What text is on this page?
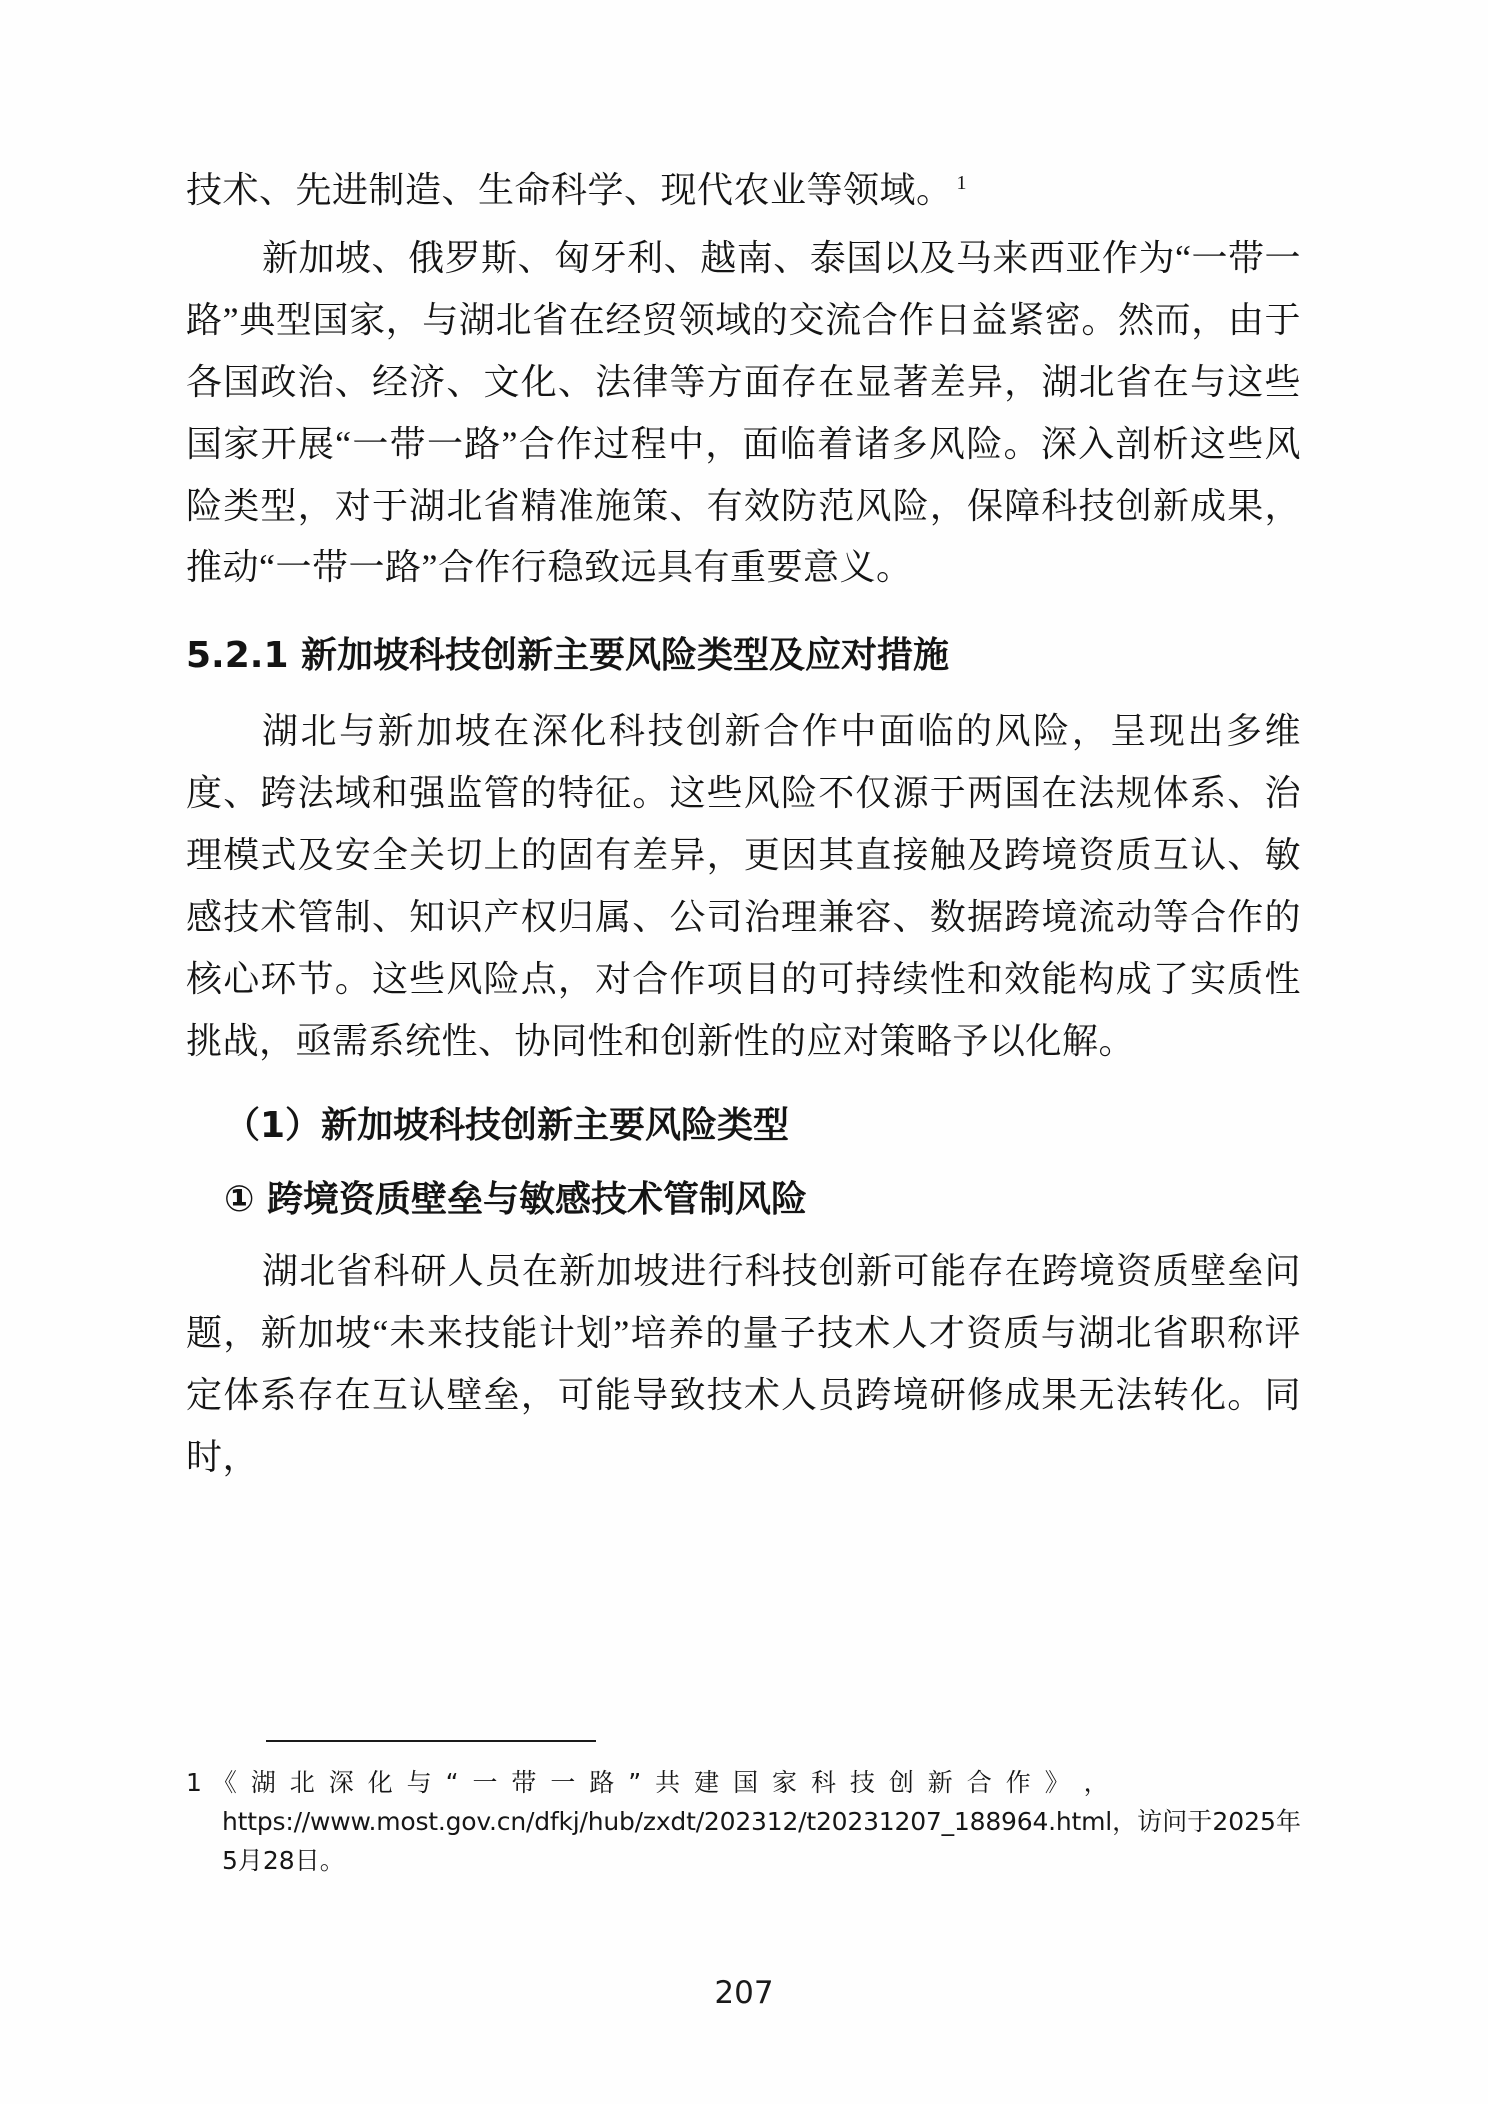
技术、先进制造、生命科学、现代农业等领域。 $^1$

新加坡、俄罗斯、匈牙利、越南、泰国以及马来西亚作为“一带一路”典型国家，与湖北省在经贸领域的交流合作日益紧密。然而，由于各国政治、经济、文化、法律等方面存在显著差异，湖北省在与这些国家开展“一带一路”合作过程中，面临着诸多风险。深入剖析这些风险类型，对于湖北省精准施策、有效防范风险，保障科技创新成果，推动“一带一路”合作行稳致远具有重要意义。

5.2.1 新加坡科技创新主要风险类型及应对措施

湖北与新加坡在深化科技创新合作中面临的风险，呈现出多维度、跨法域和强监管的特征。这些风险不仅源于两国在法规体系、治理模式及安全关切上的固有差异，更因其直接触及跨境资质互认、敏感技术管制、知识产权归属、公司治理兼容、数据跨境流动等合作的核心环节。这些风险点，对合作项目的可持续性和效能构成了实质性挑战，亟需系统性、协同性和创新性的应对策略予以化解。

（1）新加坡科技创新主要风险类型
① 跨境资质壁垒与敏感技术管制风险

湖北省科研人员在新加坡进行科技创新可能存在跨境资质壁垒问题，新加坡“未来技能计划”培养的量子技术人才资质与湖北省职称评定体系存在互认壁垒，可能导致技术人员跨境研修成果无法转化。同时，

1 《 湖 北 深 化 与 “ 一 带 一 路 ” 共 建 国 家 科 技 创 新 合 作 》 ，
https://www.most.gov.cn/dfkj/hub/zxdt/202312/t20231207_188964.html，访问于2025年5月28日。
207
